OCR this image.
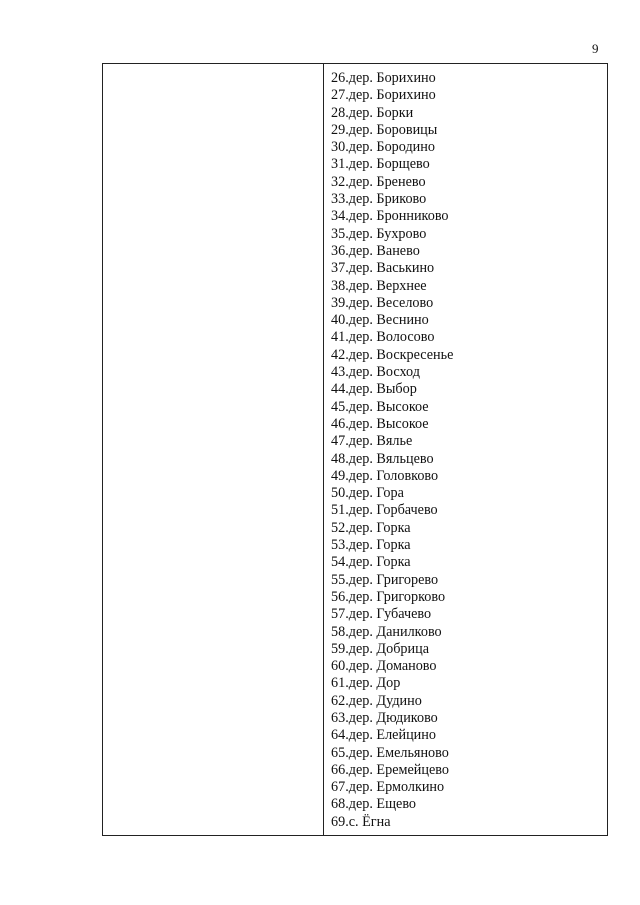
9
26.дер. Борихино
27.дер. Борихино
28.дер. Борки
29.дер. Боровицы
30.дер. Бородино
31.дер. Борщево
32.дер. Бренево
33.дер. Бриково
34.дер. Бронниково
35.дер. Бухрово
36.дер. Ванево
37.дер. Васькино
38.дер. Верхнее
39.дер. Веселово
40.дер. Веснино
41.дер. Волосово
42.дер. Воскресенье
43.дер. Восход
44.дер. Выбор
45.дер. Высокое
46.дер. Высокое
47.дер. Вялье
48.дер. Вяльцево
49.дер. Головково
50.дер. Гора
51.дер. Горбачево
52.дер. Горка
53.дер. Горка
54.дер. Горка
55.дер. Григорево
56.дер. Григорково
57.дер. Губачево
58.дер. Данилково
59.дер. Добрица
60.дер. Доманово
61.дер. Дор
62.дер. Дудино
63.дер. Дюдиково
64.дер. Елейцино
65.дер. Емельяново
66.дер. Еремейцево
67.дер. Ермолкино
68.дер. Ещево
69.с. Ёгна
